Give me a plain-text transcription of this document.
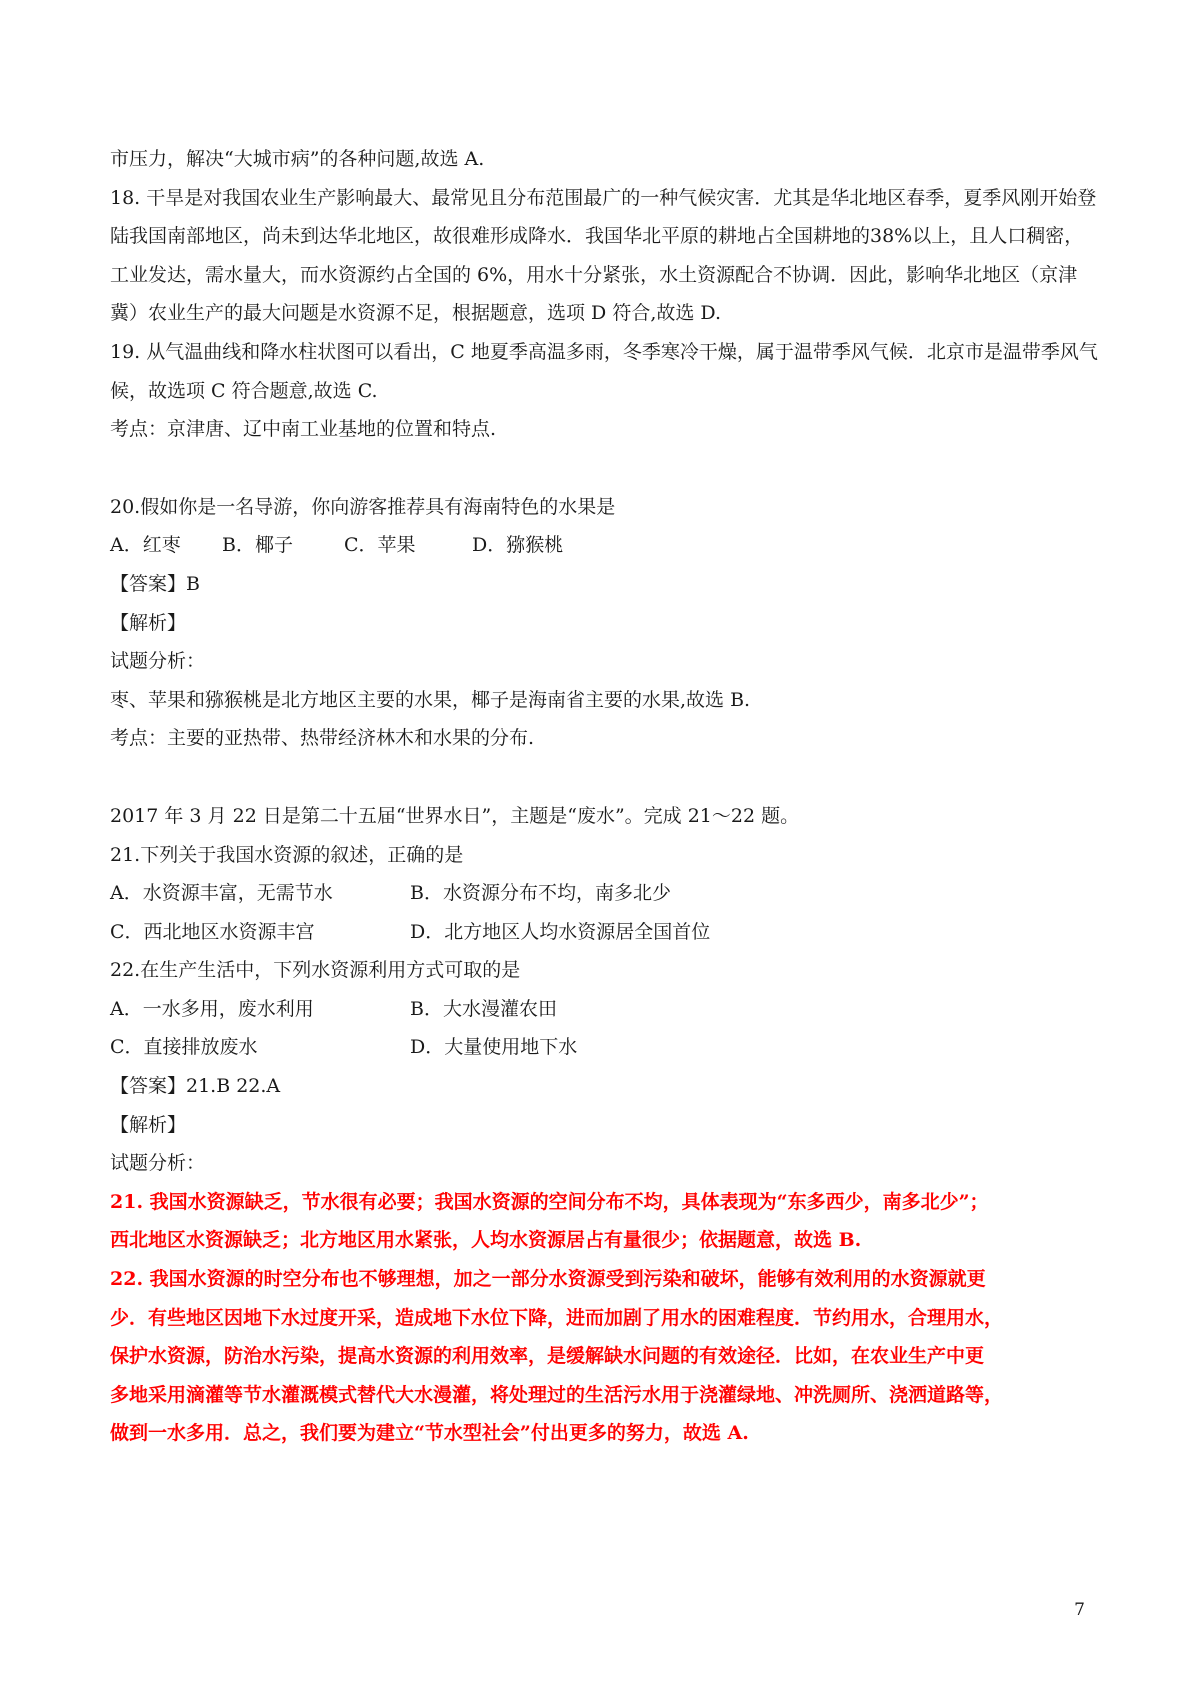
市压力，解决“大城市病”的各种问题,故选 A.
18. 干旱是对我国农业生产影响最大、最常见且分布范围最广的一种气候灾害．尤其是华北地区春季，夏季风刚开始登陆我国南部地区，尚未到达华北地区，故很难形成降水．我国华北平原的耕地占全国耕地的38%以上，且人口稠密，工业发达，需水量大，而水资源约占全国的 6%，用水十分紧张，水土资源配合不协调．因此，影响华北地区（京津冀）农业生产的最大问题是水资源不足，根据题意，选项 D 符合,故选 D.
19. 从气温曲线和降水柱状图可以看出，C 地夏季高温多雨，冬季寒冷干燥，属于温带季风气候．北京市是温带季风气候，故选项 C 符合题意,故选 C.
考点：京津唐、辽中南工业基地的位置和特点.
20.假如你是一名导游，你向游客推荐具有海南特色的水果是
A．红枣 B．椰子	C．苹果	D．猕猴桃
【答案】B
【解析】
试题分析：
枣、苹果和猕猴桃是北方地区主要的水果，椰子是海南省主要的水果,故选 B.
考点：主要的亚热带、热带经济林木和水果的分布.
2017 年 3 月 22 日是第二十五届“世界水日”，主题是“废水”。完成 21～22 题。
21.下列关于我国水资源的叙述，正确的是
A．水资源丰富，无需节水	B．水资源分布不均，南多北少
C．西北地区水资源丰宫	D．北方地区人均水资源居全国首位
22.在生产生活中，下列水资源利用方式可取的是
A．一水多用，废水利用	B．大水漫灌农田
C．直接排放废水	D．大量使用地下水
【答案】21.B 22.A
【解析】
试题分析：
21. 我国水资源缺乏，节水很有必要；我国水资源的空间分布不均，具体表现为“东多西少，南多北少”；
西北地区水资源缺乏；北方地区用水紧张，人均水资源居占有量很少；依据题意，故选 B.
22. 我国水资源的时空分布也不够理想，加之一部分水资源受到污染和破坏，能够有效利用的水资源就更
少．有些地区因地下水过度开采，造成地下水位下降，进而加剧了用水的困难程度．节约用水，合理用水，
保护水资源，防治水污染，提高水资源的利用效率，是缓解缺水问题的有效途径．比如，在农业生产中更
多地采用滴灌等节水灌溉模式替代大水漫灌，将处理过的生活污水用于浇灌绿地、冲洗厕所、浇洒道路等，
做到一水多用．总之，我们要为建立“节水型社会”付出更多的努力，故选 A.
7
